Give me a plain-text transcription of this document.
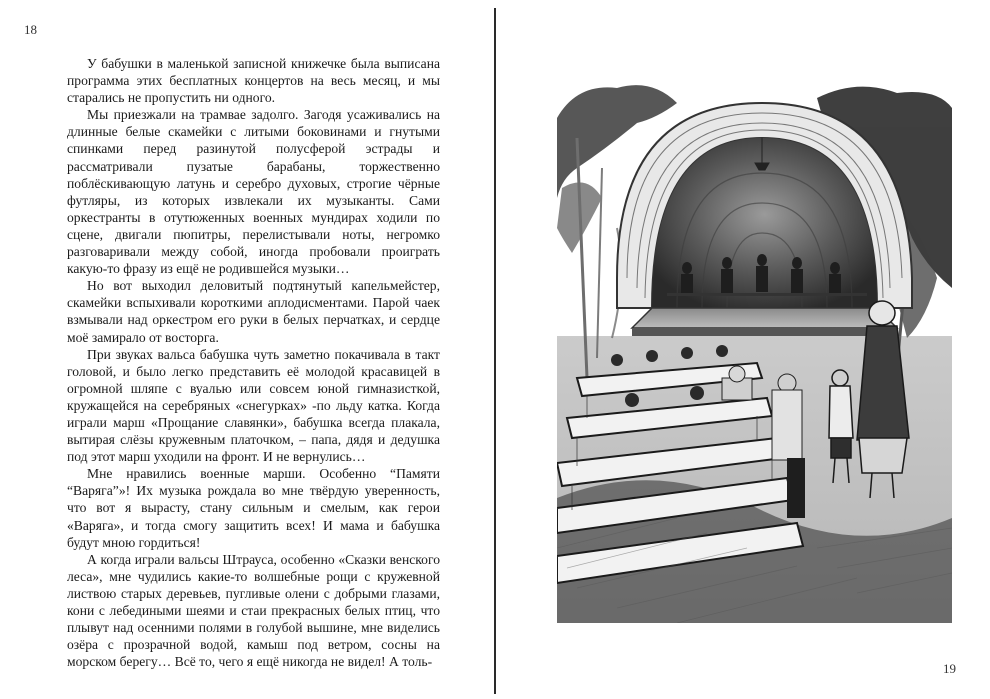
18

У бабушки в маленькой записной книжечке была выписана программа этих бесплатных концертов на весь месяц, и мы старались не пропустить ни одного.

Мы приезжали на трамвае задолго. Загодя усаживались на длинные белые скамейки с литыми боковинами и гнутыми спинками перед разинутой полусферой эстрады и рассматривали пузатые барабаны, торжественно поблёскивающую латунь и серебро духовых, строгие чёрные футляры, из которых извлекали их музыканты. Сами оркестранты в отутюженных военных мундирах ходили по сцене, двигали пюпитры, перелистывали ноты, негромко разговаривали между собой, иногда пробовали проиграть какую-то фразу из ещё не родившейся музыки…

Но вот выходил деловитый подтянутый капельмейстер, скамейки вспыхивали короткими аплодисментами. Парой чаек взмывали над оркестром его руки в белых перчатках, и сердце моё замирало от восторга.

При звуках вальса бабушка чуть заметно покачивала в такт головой, и было легко представить её молодой красавицей в огромной шляпе с вуалью или совсем юной гимназисткой, кружащейся на серебряных «снегурках» -по льду катка. Когда играли марш «Прощание славянки», бабушка всегда плакала, вытирая слёзы кружевным платочком, – папа, дядя и дедушка под этот марш уходили на фронт. И не вернулись…

Мне нравились военные марши. Особенно “Памяти “Варяга”»! Их музыка рождала во мне твёрдую уверенность, что вот я вырасту, стану сильным и смелым, как герои «Варяга», и тогда смогу защитить всех! И мама и бабушка будут мною гордиться!

А когда играли вальсы Штрауса, особенно «Сказки венского леса», мне чудились какие-то волшебные рощи с кружевной листвою старых деревьев, пугливые олени с добрыми глазами, кони с лебедиными шеями и стаи прекрасных белых птиц, что плывут над осенними полями в голубой вышине, мне виделись озёра с прозрачной водой, камыш под ветром, сосны на морском берегу… Всё то, чего я ещё никогда не видел! А толь-	19
